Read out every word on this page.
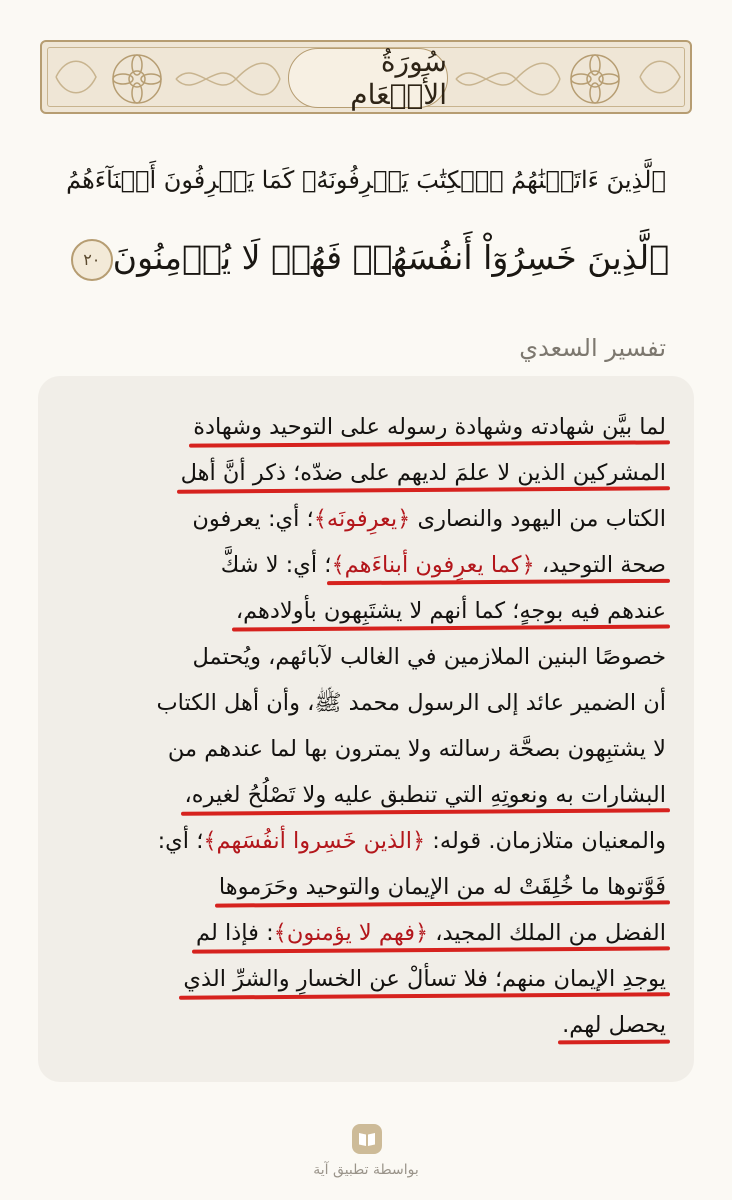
سُورَةُ الأَنۡعَامِ
ٱلَّذِينَ ءَاتَيۡنَٰهُمُ ٱلۡكِتَٰبَ يَعۡرِفُونَهُۥ كَمَا يَعۡرِفُونَ أَبۡنَآءَهُمُ
ٱلَّذِينَ خَسِرُوٓاْ أَنفُسَهُمۡ فَهُمۡ لَا يُؤۡمِنُونَ٢٠
تفسير السعدي
لما بيَّن شهادته وشهادة رسوله على التوحيد وشهادة
المشركين الذين لا علمَ لديهم على ضدّه؛ ذكر أنَّ أهل
الكتاب من اليهود والنصارى ﴿يعرِفونَه﴾؛ أي: يعرفون
صحة التوحيد، ﴿كما يعرِفون أبناءَهم﴾؛ أي: لا شكَّ
عندهم فيه بوجهٍ؛ كما أنهم لا يشتَبِهون بأولادهم،
خصوصًا البنين الملازمين في الغالب لآبائهم، ويُحتمل
أن الضمير عائد إلى الرسول محمد ﷺ، وأن أهل الكتاب
لا يشتبِهون بصحَّة رسالته ولا يمترون بها لما عندهم من
البشارات به ونعوتِهِ التي تنطبق عليه ولا تَصْلُحُ لغيره،
والمعنيان متلازمان. قوله: ﴿الذين خَسِروا أنفُسَهم﴾؛ أي:
فَوَّتوها ما خُلِقَتْ له من الإيمان والتوحيد وحَرَموها
الفضل من الملك المجيد، ﴿فهم لا يؤمنون﴾: فإذا لم
يوجدِ الإيمان منهم؛ فلا تسألْ عن الخسارِ والشرِّ الذي
يحصل لهم.
بواسطة تطبيق آية
